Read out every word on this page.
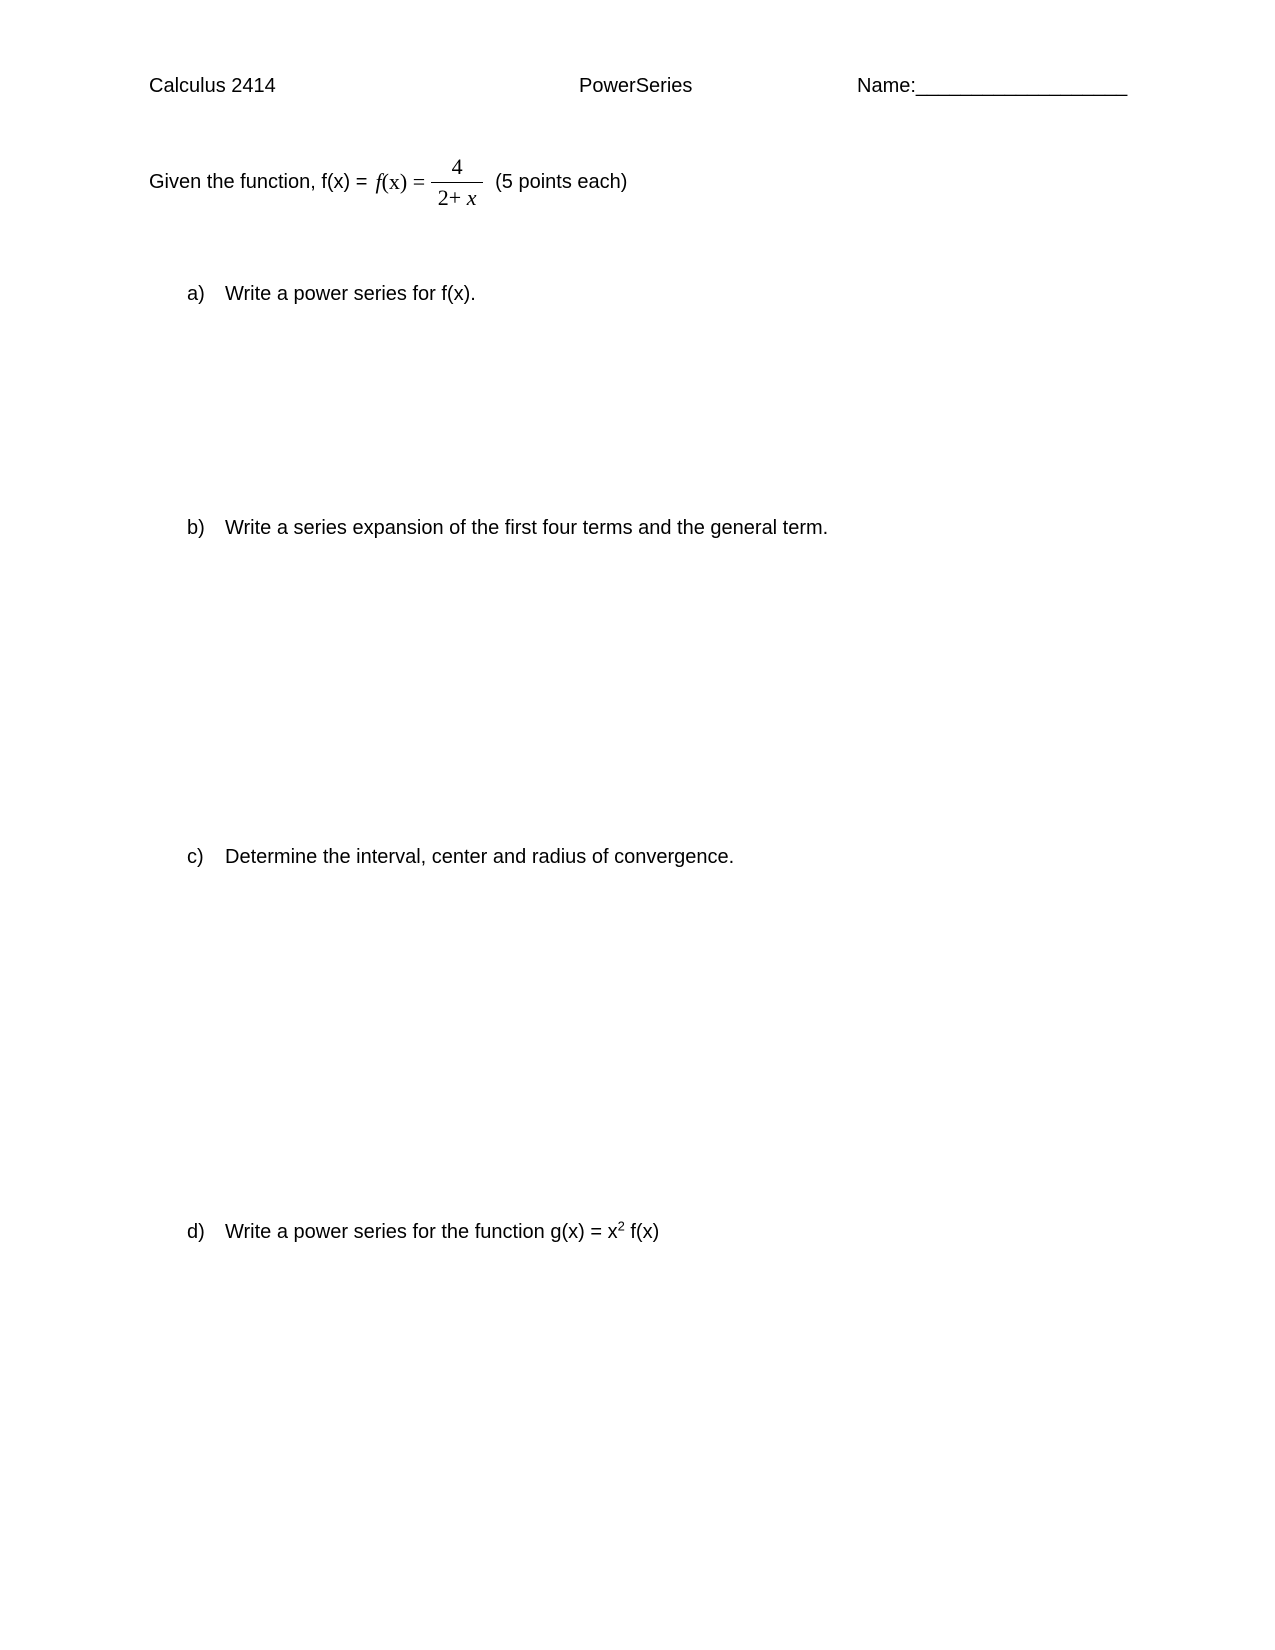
Calculus 2414	PowerSeries	Name:___________________
Given the function, $f(x) = f(x) = \frac{4}{2+ x} (5$ points each)
a) Write a power series for f(x).
b) Write a series expansion of the first four terms and the general term.
c) Determine the interval, center and radius of convergence.
d) Write a power series for the function $g(x) = x^2$ f(x)
